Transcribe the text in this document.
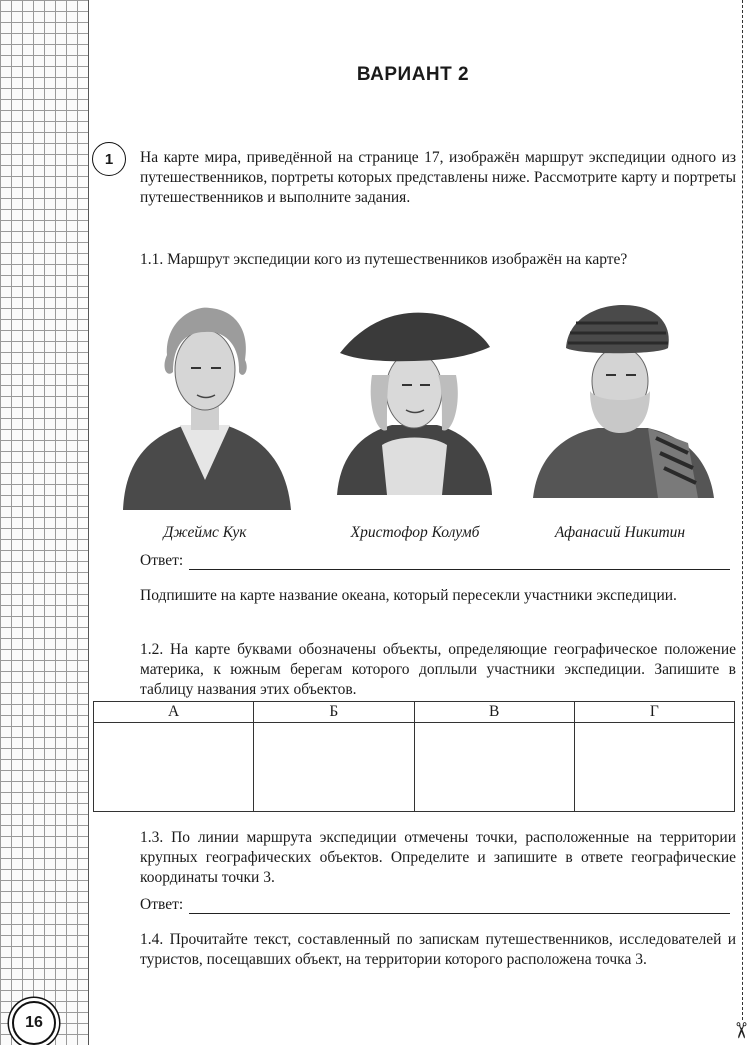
✂
16
ВАРИАНТ 2
1	На карте мира, приведённой на странице 17, изображён маршрут экспедиции одного из путешественников, портреты которых представлены ниже. Рассмотрите карту и портреты путешественников и выполните задания.
1.1. Маршрут экспедиции кого из путешественников изображён на карте?
Джеймс Кук	Христофор Колумб	Афанасий Никитин
Ответ:
Подпишите на карте название океана, который пересекли участники экспедиции.
1.2. На карте буквами обозначены объекты, определяющие географическое положение материка, к южным берегам которого доплыли участники экспедиции. Запишите в таблицу названия этих объектов.
А	Б	В	Г

1.3. По линии маршрута экспедиции отмечены точки, расположенные на территории крупных географических объектов. Определите и запишите в ответе географические координаты точки 3.
Ответ:
1.4. Прочитайте текст, составленный по запискам путешественников, исследователей и туристов, посещавших объект, на территории которого расположена точка 3.
